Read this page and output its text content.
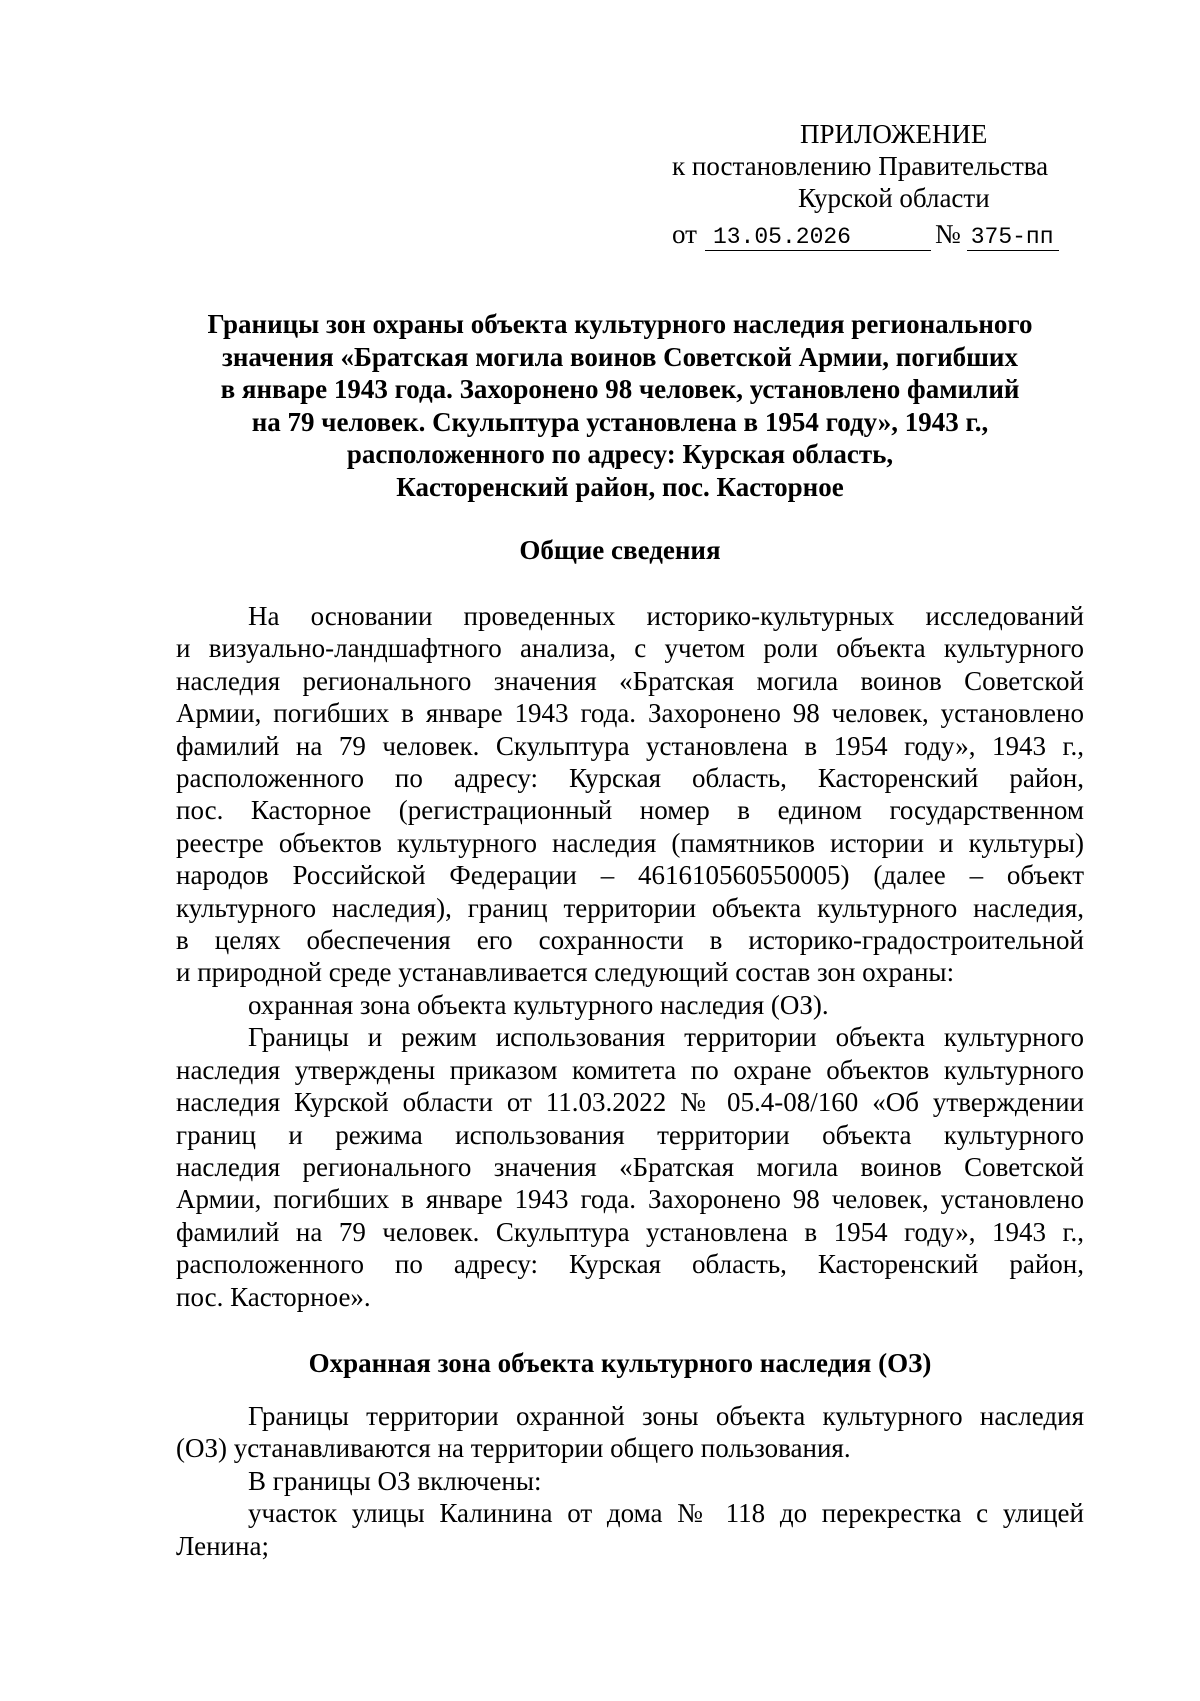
ПРИЛОЖЕНИЕ
к постановлению Правительства
Курской области
от 13.05.2026	№ 375-пп
Границы зон охраны объекта культурного наследия регионального
значения «Братская могила воинов Советской Армии, погибших
в январе 1943 года. Захоронено 98 человек, установлено фамилий
на 79 человек. Скульптура установлена в 1954 году», 1943 г.,
расположенного по адресу: Курская область,
Касторенский район, пос. Касторное
Общие сведения
На основании проведенных историко-культурных исследований
и визуально-ландшафтного анализа, с учетом роли объекта культурного
наследия регионального значения «Братская могила воинов Советской
Армии, погибших в январе 1943 года. Захоронено 98 человек, установлено
фамилий на 79 человек. Скульптура установлена в 1954 году», 1943 г.,
расположенного по адресу: Курская область, Касторенский район,
пос. Касторное (регистрационный номер в едином государственном
реестре объектов культурного наследия (памятников истории и культуры)
народов Российской Федерации – 461610560550005) (далее – объект
культурного наследия), границ территории объекта культурного наследия,
в целях обеспечения его сохранности в историко-градостроительной
и природной среде устанавливается следующий состав зон охраны:
охранная зона объекта культурного наследия (ОЗ).
Границы и режим использования территории объекта культурного
наследия утверждены приказом комитета по охране объектов культурного
наследия Курской области от 11.03.2022 № 05.4-08/160 «Об утверждении
границ и режима использования территории объекта культурного
наследия регионального значения «Братская могила воинов Советской
Армии, погибших в январе 1943 года. Захоронено 98 человек, установлено
фамилий на 79 человек. Скульптура установлена в 1954 году», 1943 г.,
расположенного по адресу: Курская область, Касторенский район,
пос. Касторное».
Охранная зона объекта культурного наследия (ОЗ)
Границы территории охранной зоны объекта культурного наследия
(ОЗ) устанавливаются на территории общего пользования.
В границы ОЗ включены:
участок улицы Калинина от дома № 118 до перекрестка с улицей
Ленина;
